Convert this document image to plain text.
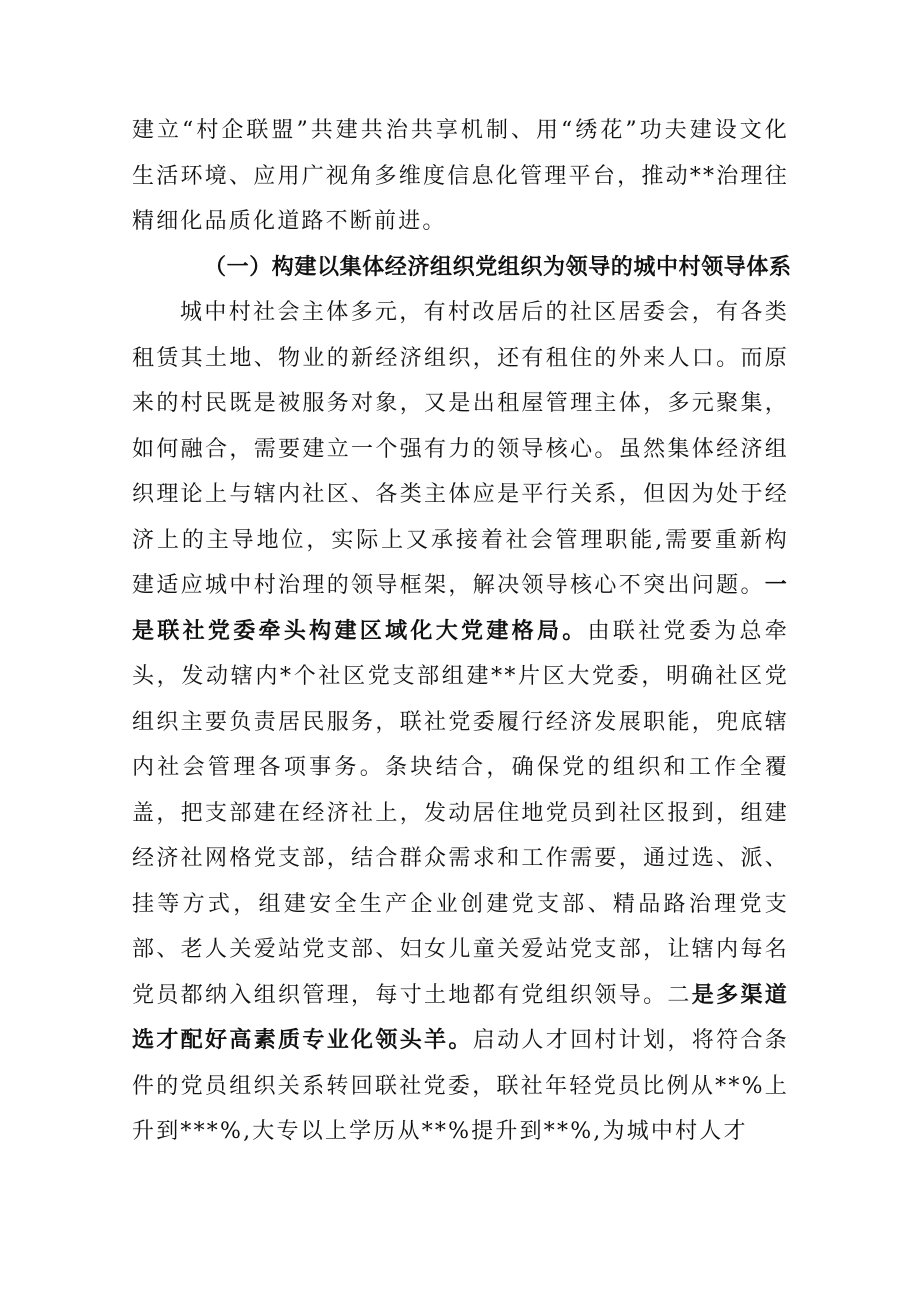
建立“村企联盟”共建共治共享机制、用“绣花”功夫建设文化生活环境、应用广视角多维度信息化管理平台，推动**治理往精细化品质化道路不断前进。

（一）构建以集体经济组织党组织为领导的城中村领导体系

城中村社会主体多元，有村改居后的社区居委会，有各类租赁其土地、物业的新经济组织，还有租住的外来人口。而原来的村民既是被服务对象，又是出租屋管理主体，多元聚集，如何融合，需要建立一个强有力的领导核心。虽然集体经济组织理论上与辖内社区、各类主体应是平行关系，但因为处于经济上的主导地位，实际上又承接着社会管理职能,需要重新构建适应城中村治理的领导框架，解决领导核心不突出问题。一是联社党委牵头构建区域化大党建格局。由联社党委为总牵头，发动辖内*个社区党支部组建**片区大党委，明确社区党组织主要负责居民服务，联社党委履行经济发展职能，兜底辖内社会管理各项事务。条块结合，确保党的组织和工作全覆盖，把支部建在经济社上，发动居住地党员到社区报到，组建经济社网格党支部，结合群众需求和工作需要，通过选、派、挂等方式，组建安全生产企业创建党支部、精品路治理党支部、老人关爱站党支部、妇女儿童关爱站党支部，让辖内每名党员都纳入组织管理，每寸土地都有党组织领导。二是多渠道选才配好高素质专业化领头羊。启动人才回村计划，将符合条件的党员组织关系转回联社党委，联社年轻党员比例从**%上升到***%,大专以上学历从**%提升到**%,为城中村人才
